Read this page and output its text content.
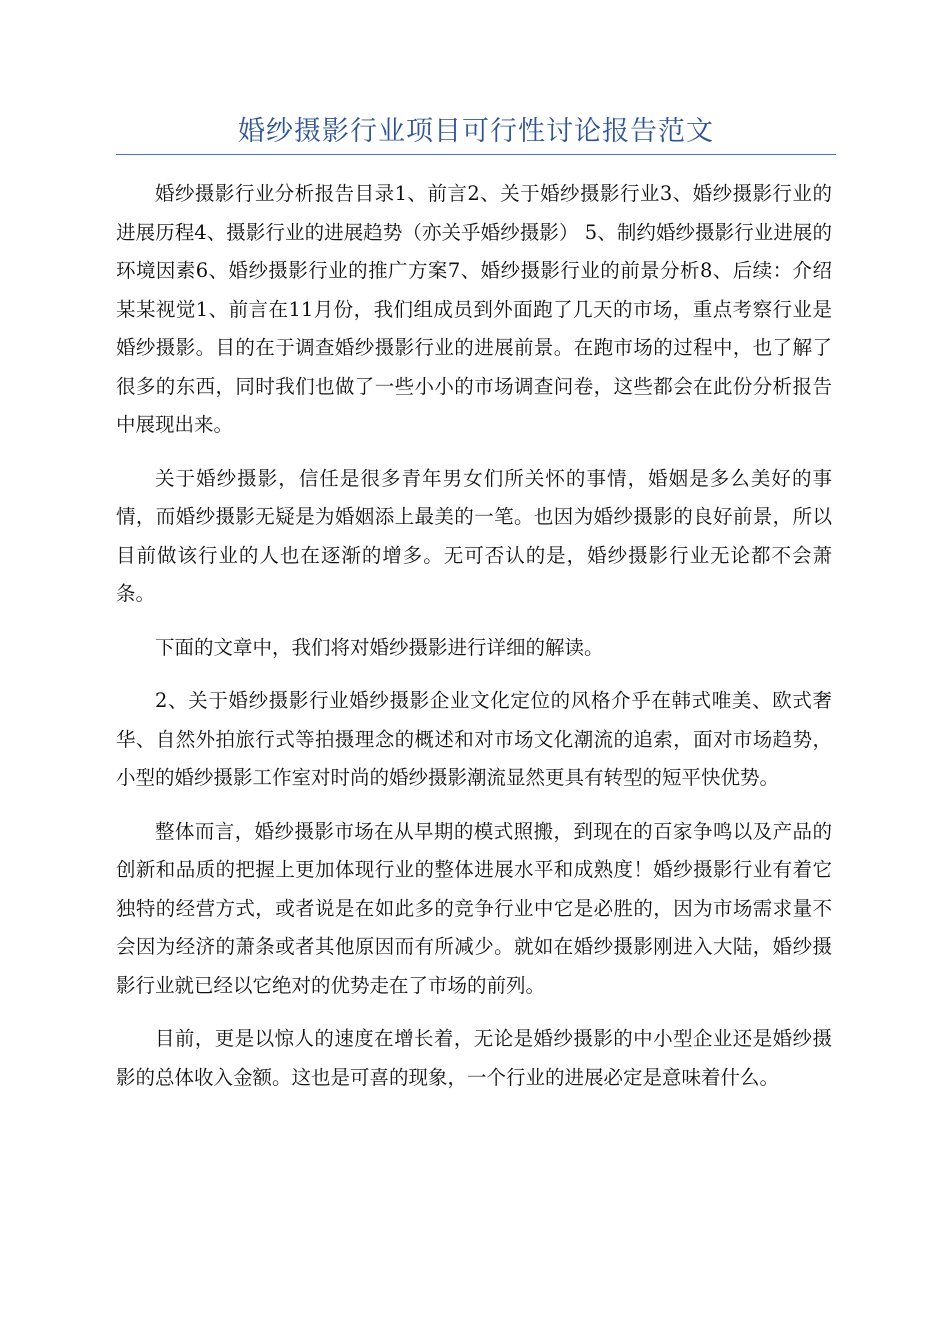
婚纱摄影行业项目可行性讨论报告范文

婚纱摄影行业分析报告目录1、前言2、关于婚纱摄影行业3、婚纱摄影行业的进展历程4、摄影行业的进展趋势（亦关乎婚纱摄影） 5、制约婚纱摄影行业进展的环境因素6、婚纱摄影行业的推广方案7、婚纱摄影行业的前景分析8、后续：介绍某某视觉1、前言在11月份，我们组成员到外面跑了几天的市场，重点考察行业是婚纱摄影。目的在于调查婚纱摄影行业的进展前景。在跑市场的过程中，也了解了很多的东西，同时我们也做了一些小小的市场调查问卷，这些都会在此份分析报告中展现出来。

关于婚纱摄影，信任是很多青年男女们所关怀的事情，婚姻是多么美好的事情，而婚纱摄影无疑是为婚姻添上最美的一笔。也因为婚纱摄影的良好前景，所以目前做该行业的人也在逐渐的增多。无可否认的是，婚纱摄影行业无论都不会萧条。

下面的文章中，我们将对婚纱摄影进行详细的解读。

2、关于婚纱摄影行业婚纱摄影企业文化定位的风格介乎在韩式唯美、欧式奢华、自然外拍旅行式等拍摄理念的概述和对市场文化潮流的追索，面对市场趋势，小型的婚纱摄影工作室对时尚的婚纱摄影潮流显然更具有转型的短平快优势。

整体而言，婚纱摄影市场在从早期的模式照搬，到现在的百家争鸣以及产品的创新和品质的把握上更加体现行业的整体进展水平和成熟度！婚纱摄影行业有着它独特的经营方式，或者说是在如此多的竞争行业中它是必胜的，因为市场需求量不会因为经济的萧条或者其他原因而有所减少。就如在婚纱摄影刚进入大陆，婚纱摄影行业就已经以它绝对的优势走在了市场的前列。

目前，更是以惊人的速度在增长着，无论是婚纱摄影的中小型企业还是婚纱摄影的总体收入金额。这也是可喜的现象，一个行业的进展必定是意味着什么。
